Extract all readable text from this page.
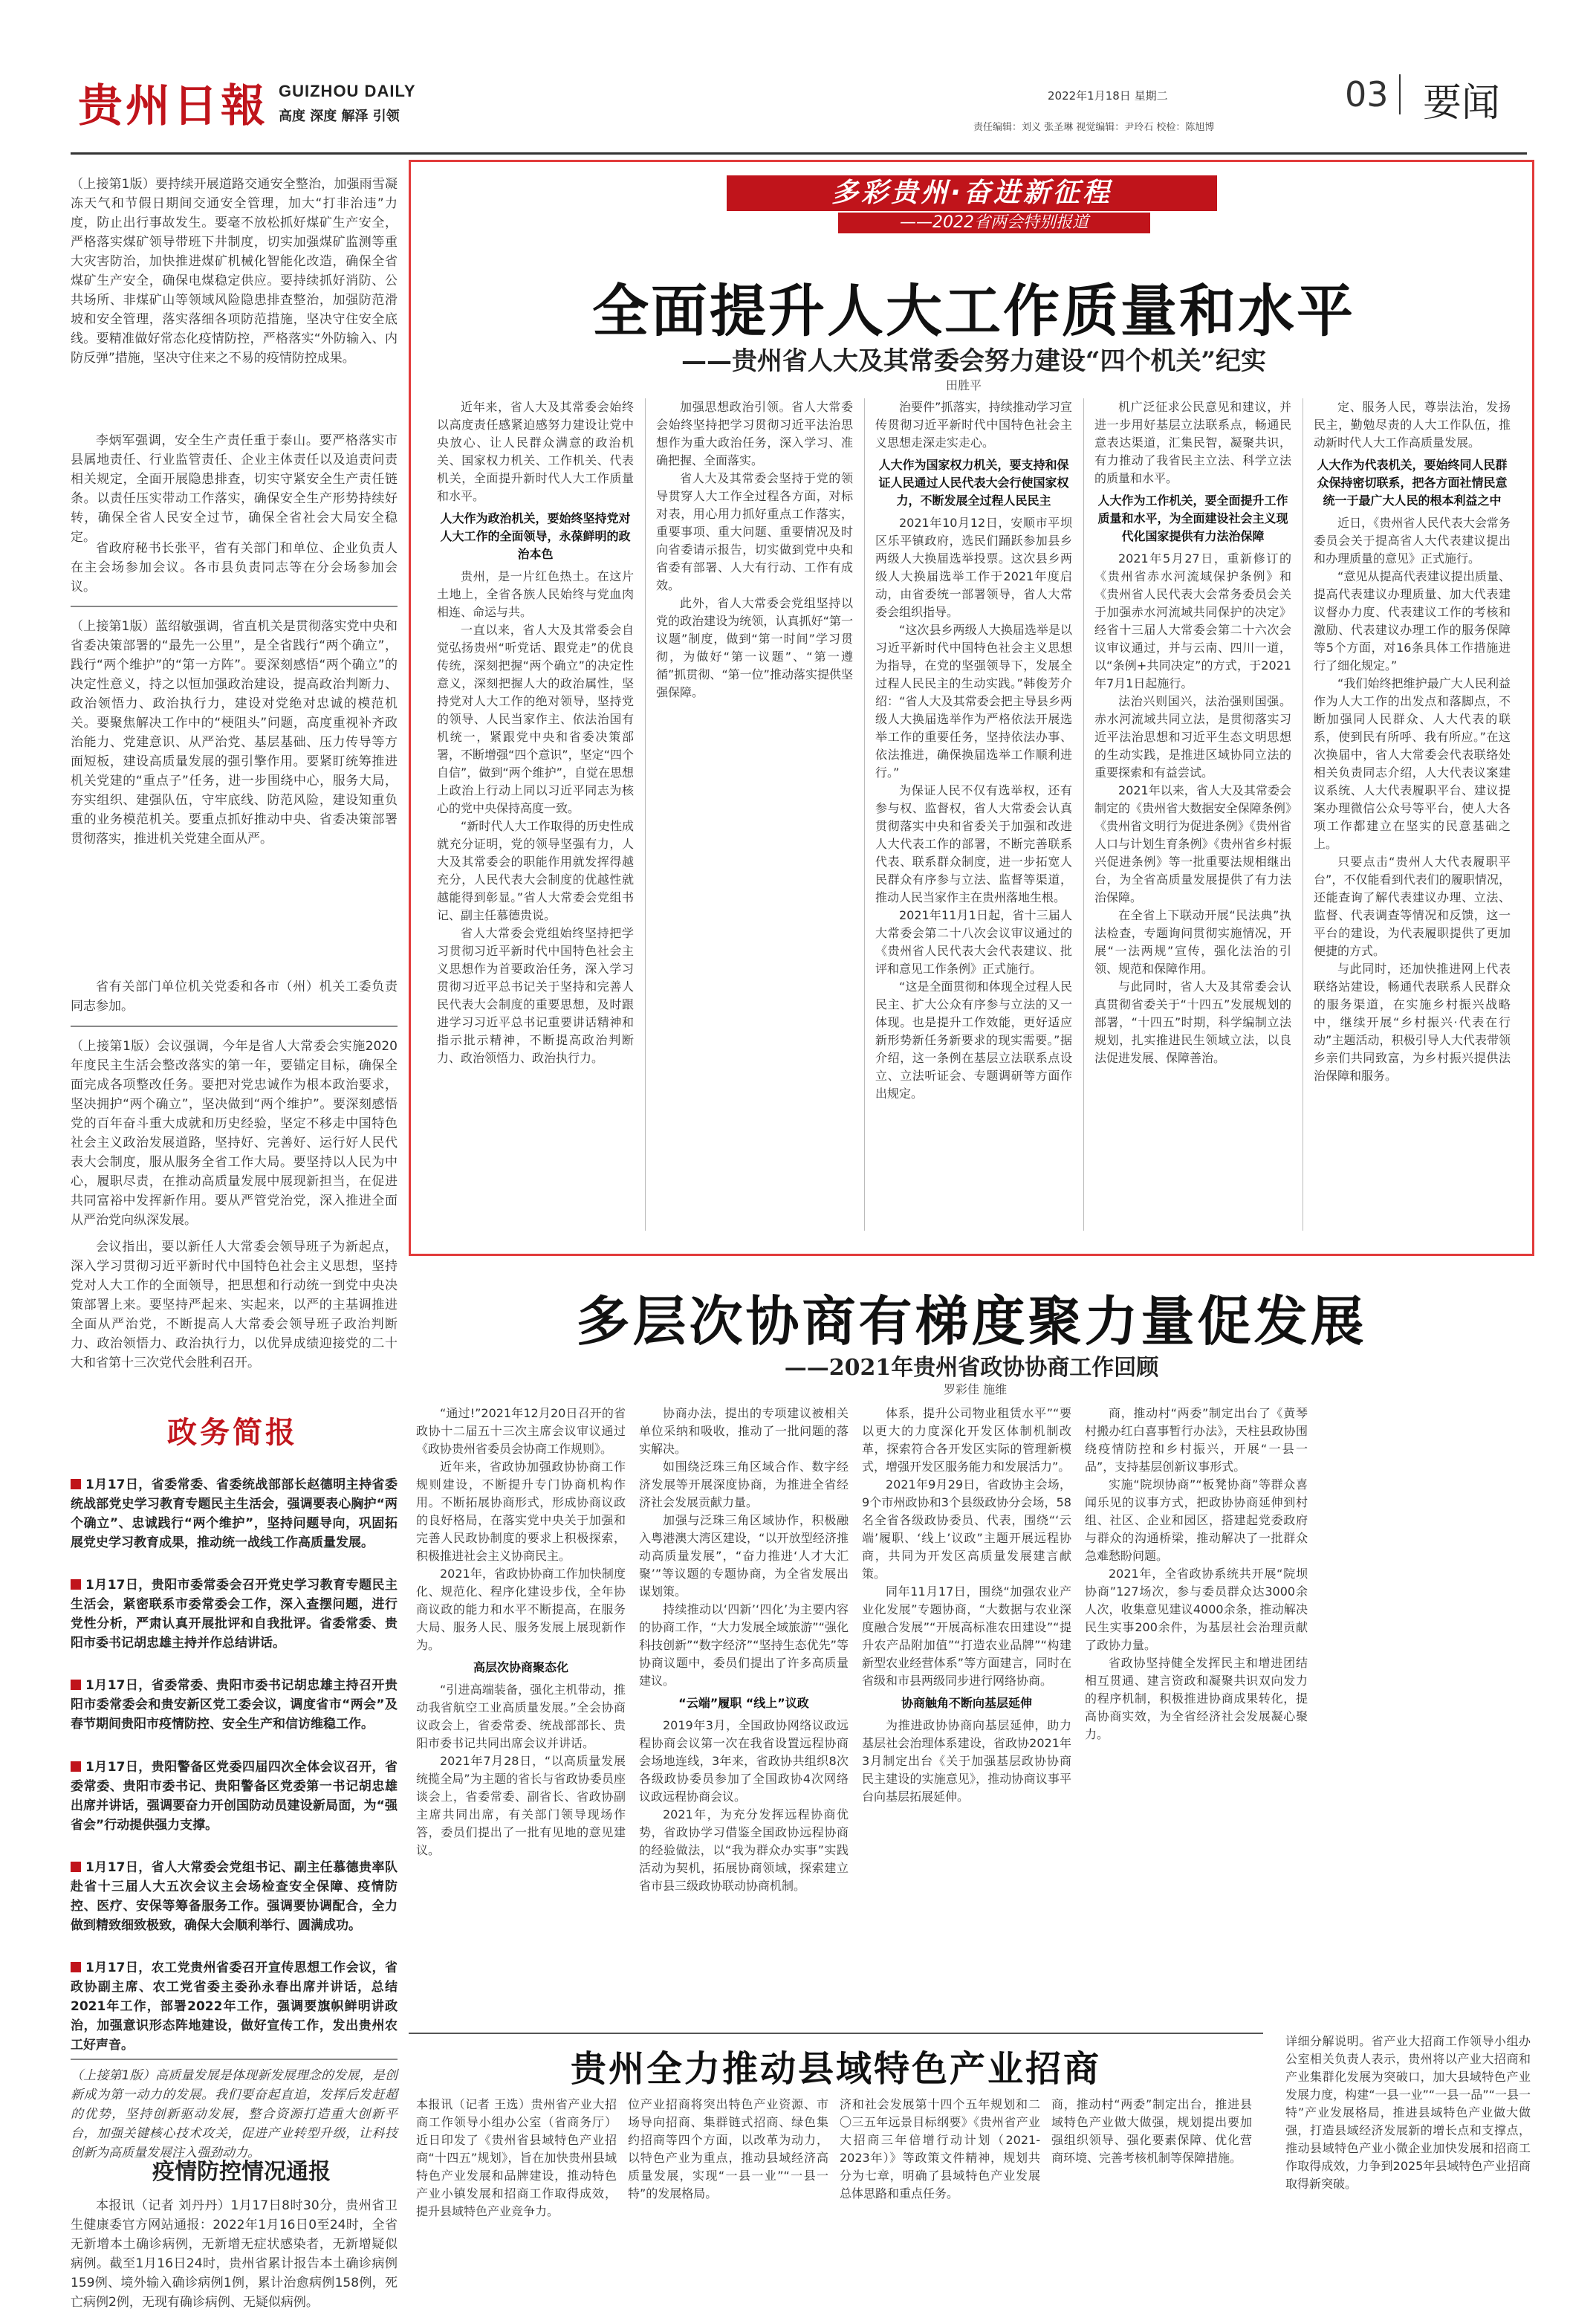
贵州日報 GUIZHOU DAILY
高度 深度 解泽 引领
2022年1月18日 星期二
责任编辑：刘义 张圣琳 视觉编辑：尹玲石 校检：陈旭博
03 要闻
（上接第1版）要持续开展道路交通安全整治，加强雨雪凝冻天气和节假日期间交通安全管理，加大“打非治违”力度，防止出行事故发生。要毫不放松抓好煤矿生产安全，严格落实煤矿领导带班下井制度，切实加强煤矿监测等重大灾害防治，加快推进煤矿机械化智能化改造，确保全省煤矿生产安全，确保电煤稳定供应。要持续抓好消防、公共场所、非煤矿山等领域风险隐患排查整治，加强防范滑坡和安全管理，落实落细各项防范措施，坚决守住安全底线。要精准做好常态化疫情防控，严格落实“外防输入、内防反弹”措施，坚决守住来之不易的疫情防控成果。
李炳军强调，安全生产责任重于泰山。要严格落实市县属地责任、行业监管责任、企业主体责任以及追责问责相关规定，全面开展隐患排查，切实守紧安全生产责任链条。以责任压实带动工作落实，确保安全生产形势持续好转，确保全省人民安全过节，确保全省社会大局安全稳定。
省政府秘书长张平，省有关部门和单位、企业负责人在主会场参加会议。各市县负责同志等在分会场参加会议。
（上接第1版）蓝绍敏强调，省直机关是贯彻落实党中央和省委决策部署的“最先一公里”，是全省践行“两个确立”，践行“两个维护”的“第一方阵”。要深刻感悟“两个确立”的决定性意义，持之以恒加强政治建设，提高政治判断力、政治领悟力、政治执行力，建设对党绝对忠诚的模范机关。要聚焦解决工作中的“梗阻头”问题，高度重视补齐政治能力、党建意识、从严治党、基层基础、压力传导等方面短板，建设高质量发展的强引擎作用。要紧盯统筹推进机关党建的“重点子”任务，进一步围绕中心，服务大局，夯实组织、建强队伍，守牢底线、防范风险，建设知重负重的业务模范机关。要重点抓好推动中央、省委决策部署贯彻落实，推进机关党建全面从严。
省有关部门单位机关党委和各市（州）机关工委负责同志参加。
（上接第1版）会议强调，今年是省人大常委会实施2020年度民主生活会整改落实的第一年，要锚定目标，确保全面完成各项整改任务。要把对党忠诚作为根本政治要求，坚决拥护“两个确立”，坚决做到“两个维护”。要深刻感悟党的百年奋斗重大成就和历史经验，坚定不移走中国特色社会主义政治发展道路，坚持好、完善好、运行好人民代表大会制度，服从服务全省工作大局。要坚持以人民为中心，履职尽责，在推动高质量发展中展现新担当，在促进共同富裕中发挥新作用。要从严管党治党，深入推进全面从严治党向纵深发展。
会议指出，要以新任人大常委会领导班子为新起点，深入学习贯彻习近平新时代中国特色社会主义思想，坚持党对人大工作的全面领导，把思想和行动统一到党中央决策部署上来。要坚持严起来、实起来，以严的主基调推进全面从严治党，不断提高人大常委会领导班子政治判断力、政治领悟力、政治执行力，以优异成绩迎接党的二十大和省第十三次党代会胜利召开。
政务简报
1月17日，省委常委、省委统战部部长赵德明主持省委统战部党史学习教育专题民主生活会，强调要表心胸护“两个确立”、忠诚践行“两个维护”，坚持问题导向，巩固拓展党史学习教育成果，推动统一战线工作高质量发展。
1月17日，贵阳市委常委会召开党史学习教育专题民主生活会，紧密联系市委常委会工作，深入查摆问题，进行党性分析，严肃认真开展批评和自我批评。省委常委、贵阳市委书记胡忠雄主持并作总结讲话。
1月17日，省委常委、贵阳市委书记胡忠雄主持召开贵阳市委常委会和贵安新区党工委会议，调度省市“两会”及春节期间贵阳市疫情防控、安全生产和信访维稳工作。
1月17日，贵阳警备区党委四届四次全体会议召开，省委常委、贵阳市委书记、贵阳警备区党委第一书记胡忠雄出席并讲话，强调要奋力开创国防动员建设新局面，为“强省会”行动提供强力支撑。
1月17日，省人大常委会党组书记、副主任慕德贵率队赴省十三届人大五次会议主会场检查安全保障、疫情防控、医疗、安保等筹备服务工作。强调要协调配合，全力做到精致细致极致，确保大会顺利举行、圆满成功。
1月17日，农工党贵州省委召开宣传思想工作会议，省政协副主席、农工党省委主委孙永春出席并讲话，总结2021年工作，部署2022年工作，强调要旗帜鲜明讲政治，加强意识形态阵地建设，做好宣传工作，发出贵州农工好声音。
（上接第1版）高质量发展是体现新发展理念的发展，是创新成为第一动力的发展。我们要奋起直追，发挥后发赶超的优势，坚持创新驱动发展，整合资源打造重大创新平台，加强关键核心技术攻关，促进产业转型升级，让科技创新为高质量发展注入强劲动力。
疫情防控情况通报
本报讯（记者 刘丹丹）1月17日8时30分，贵州省卫生健康委官方网站通报：2022年1月16日0至24时，全省无新增本土确诊病例，无新增无症状感染者，无新增疑似病例。截至1月16日24时，贵州省累计报告本土确诊病例159例、境外输入确诊病例1例，累计治愈病例158例，死亡病例2例，无现有确诊病例、无疑似病例。
多彩贵州·奋进新征程
——2022省两会特别报道
全面提升人大工作质量和水平
——贵州省人大及其常委会努力建设“四个机关”纪实
田胜平

近年来，省人大及其常委会始终以高度责任感紧迫感努力建设让党中央放心、让人民群众满意的政治机关、国家权力机关、工作机关、代表机关，全面提升新时代人大工作质量和水平。

人大作为政治机关，要始终坚持党对人大工作的全面领导，永葆鲜明的政治本色

贵州，是一片红色热土。在这片土地上，全省各族人民始终与党血肉相连、命运与共。

一直以来，省人大及其常委会自觉弘扬贵州“听党话、跟党走”的优良传统，深刻把握“两个确立”的决定性意义，深刻把握人大的政治属性，坚持党对人大工作的绝对领导，坚持党的领导、人民当家作主、依法治国有机统一，紧跟党中央和省委决策部署，不断增强“四个意识”，坚定“四个自信”，做到“两个维护”，自觉在思想上政治上行动上同以习近平同志为核心的党中央保持高度一致。

“新时代人大工作取得的历史性成就充分证明，党的领导坚强有力，人大及其常委会的职能作用就发挥得越充分，人民代表大会制度的优越性就越能得到彰显。”省人大常委会党组书记、副主任慕德贵说。

省人大常委会党组始终坚持把学习贯彻习近平新时代中国特色社会主义思想作为首要政治任务，深入学习贯彻习近平总书记关于坚持和完善人民代表大会制度的重要思想，及时跟进学习习近平总书记重要讲话精神和指示批示精神，不断提高政治判断力、政治领悟力、政治执行力。

加强思想政治引领。省人大常委会始终坚持把学习贯彻习近平法治思想作为重大政治任务，深入学习、准确把握、全面落实。

省人大及其常委会坚持于党的领导贯穿人大工作全过程各方面，对标对表，用心用力抓好重点工作落实，重要事项、重大问题、重要情况及时向省委请示报告，切实做到党中央和省委有部署、人大有行动、工作有成效。

此外，省人大常委会党组坚持以党的政治建设为统领，认真抓好“第一议题”制度，做到“第一时间”学习贯彻，为做好“第一议题”、“第一遵循”抓贯彻、“第一位”推动落实提供坚强保障。

治要件”抓落实，持续推动学习宣传贯彻习近平新时代中国特色社会主义思想走深走实走心。

人大作为国家权力机关，要支持和保证人民通过人民代表大会行使国家权力，不断发展全过程人民民主

2021年10月12日，安顺市平坝区乐平镇政府，选民们踊跃参加县乡两级人大换届选举投票。这次县乡两级人大换届选举工作于2021年度启动，由省委统一部署领导，省人大常委会组织指导。

“这次县乡两级人大换届选举是以习近平新时代中国特色社会主义思想为指导，在党的坚强领导下，发展全过程人民民主的生动实践。”韩俊芳介绍：“省人大及其常委会把主导县乡两级人大换届选举作为严格依法开展选举工作的重要任务，坚持依法办事、依法推进，确保换届选举工作顺利进行。”

为保证人民不仅有选举权，还有参与权、监督权，省人大常委会认真贯彻落实中央和省委关于加强和改进人大代表工作的部署，不断完善联系代表、联系群众制度，进一步拓宽人民群众有序参与立法、监督等渠道，推动人民当家作主在贵州落地生根。

2021年11月1日起，省十三届人大常委会第二十八次会议审议通过的《贵州省人民代表大会代表建议、批评和意见工作条例》正式施行。

“这是全面贯彻和体现全过程人民民主、扩大公众有序参与立法的又一体现。也是提升工作效能，更好适应新形势新任务新要求的现实需要。”据介绍，这一条例在基层立法联系点设立、立法听证会、专题调研等方面作出规定。

机广泛征求公民意见和建议，并进一步用好基层立法联系点，畅通民意表达渠道，汇集民智，凝聚共识，有力推动了我省民主立法、科学立法的质量和水平。

人大作为工作机关，要全面提升工作质量和水平，为全面建设社会主义现代化国家提供有力法治保障

2021年5月27日，重新修订的《贵州省赤水河流域保护条例》和《贵州省人民代表大会常务委员会关于加强赤水河流域共同保护的决定》经省十三届人大常委会第二十六次会议审议通过，并与云南、四川一道，以“条例+共同决定”的方式，于2021年7月1日起施行。

法治兴则国兴，法治强则国强。赤水河流域共同立法，是贯彻落实习近平法治思想和习近平生态文明思想的生动实践，是推进区域协同立法的重要探索和有益尝试。

2021年以来，省人大及其常委会制定的《贵州省大数据安全保障条例》《贵州省文明行为促进条例》《贵州省人口与计划生育条例》《贵州省乡村振兴促进条例》等一批重要法规相继出台，为全省高质量发展提供了有力法治保障。

在全省上下联动开展“民法典”执法检查，专题询问贯彻实施情况，开展“一法两规”宣传，强化法治的引领、规范和保障作用。

与此同时，省人大及其常委会认真贯彻省委关于“十四五”发展规划的部署，“十四五”时期，科学编制立法规划，扎实推进民生领域立法，以良法促进发展、保障善治。

定、服务人民，尊崇法治，发扬民主，勤勉尽责的人大工作队伍，推动新时代人大工作高质量发展。

人大作为代表机关，要始终同人民群众保持密切联系，把各方面社情民意统一于最广大人民的根本利益之中

近日，《贵州省人民代表大会常务委员会关于提高省人大代表建议提出和办理质量的意见》正式施行。

“意见从提高代表建议提出质量、提高代表建议办理质量、加大代表建议督办力度、代表建议工作的考核和激励、代表建议办理工作的服务保障等5个方面，对16条具体工作措施进行了细化规定。”

“我们始终把维护最广大人民利益作为人大工作的出发点和落脚点，不断加强同人民群众、人大代表的联系，使到民有所呼、我有所应。”在这次换届中，省人大常委会代表联络处相关负责同志介绍，人大代表议案建议系统、人大代表履职平台、建议提案办理微信公众号等平台，使人大各项工作都建立在坚实的民意基础之上。

只要点击“贵州人大代表履职平台”，不仅能看到代表们的履职情况，还能查询了解代表建议办理、立法、监督、代表调查等情况和反馈，这一平台的建设，为代表履职提供了更加便捷的方式。

与此同时，还加快推进网上代表联络站建设，畅通代表联系人民群众的服务渠道，在实施乡村振兴战略中，继续开展“乡村振兴·代表在行动”主题活动，积极引导人大代表带领乡亲们共同致富，为乡村振兴提供法治保障和服务。

多层次协商有梯度聚力量促发展
——2021年贵州省政协协商工作回顾
罗彩佳 施维

“通过!”2021年12月20日召开的省政协十二届五十三次主席会议审议通过《政协贵州省委员会协商工作规则》。

近年来，省政协加强政协协商工作规则建设，不断提升专门协商机构作用。不断拓展协商形式，形成协商议政的良好格局，在落实党中央关于加强和完善人民政协制度的要求上积极探索，积极推进社会主义协商民主。

2021年，省政协协商工作加快制度化、规范化、程序化建设步伐，全年协商议政的能力和水平不断提高，在服务大局、服务人民、服务发展上展现新作为。

高层次协商聚态化

“引进高端装备，强化主机带动，推动我省航空工业高质量发展。”全会协商议政会上，省委常委、统战部部长、贵阳市委书记共同出席会议并讲话。

2021年7月28日，“以高质量发展统揽全局”为主题的省长与省政协委员座谈会上，省委常委、副省长、省政协副主席共同出席，有关部门领导现场作答，委员们提出了一批有见地的意见建议。

协商办法，提出的专项建议被相关单位采纳和吸收，推动了一批问题的落实解决。

如围绕泛珠三角区域合作、数字经济发展等开展深度协商，为推进全省经济社会发展贡献力量。

加强与泛珠三角区域协作，积极融入粤港澳大湾区建设，“以开放型经济推动高质量发展”，“奋力推进‘人才大汇聚’”等议题的专题协商，为全省发展出谋划策。

持续推动以‘四新’‘四化’为主要内容的协商工作，“大力发展全域旅游”“强化科技创新”“数字经济”“坚持生态优先”等协商议题中，委员们提出了许多高质量建议。

“云端”履职 “线上”议政

2019年3月，全国政协网络议政远程协商会议第一次在我省设置远程协商会场地连线，3年来，省政协共组织8次各级政协委员参加了全国政协4次网络议政远程协商会议。

2021年，为充分发挥远程协商优势，省政协学习借鉴全国政协远程协商的经验做法，以“我为群众办实事”实践活动为契机，拓展协商领域，探索建立省市县三级政协联动协商机制。

体系，提升公司物业租赁水平”“要以更大的力度深化开发区体制机制改革，探索符合各开发区实际的管理新模式，增强开发区服务能力和发展活力”。

2021年9月29日，省政协主会场，9个市州政协和3个县级政协分会场，58名全省各级政协委员、代表，围绕“‘云端’履职、‘线上’议政”主题开展远程协商，共同为开发区高质量发展建言献策。

同年11月17日，围绕“加强农业产业化发展”专题协商，“大数据与农业深度融合发展”“开展高标准农田建设”“提升农产品附加值”“打造农业品牌”“构建新型农业经营体系”等方面建言，同时在省级和市县两级同步进行网络协商。

协商触角不断向基层延伸

为推进政协协商向基层延伸，助力基层社会治理体系建设，省政协2021年3月制定出台《关于加强基层政协协商民主建设的实施意见》，推动协商议事平台向基层拓展延伸。

商，推动村“两委”制定出台了《黄琴村搬办红白喜事暂行办法》，天柱县政协围绕疫情防控和乡村振兴，开展“一县一品”，支持基层创新议事形式。

实施“院坝协商”“板凳协商”等群众喜闻乐见的议事方式，把政协协商延伸到村组、社区、企业和园区，搭建起党委政府与群众的沟通桥梁，推动解决了一批群众急难愁盼问题。

2021年，全省政协系统共开展“院坝协商”127场次，参与委员群众达3000余人次，收集意见建议4000余条，推动解决民生实事200余件，为基层社会治理贡献了政协力量。

省政协坚持健全发挥民主和增进团结相互贯通、建言资政和凝聚共识双向发力的程序机制，积极推进协商成果转化，提高协商实效，为全省经济社会发展凝心聚力。

贵州全力推动县域特色产业招商
本报讯（记者 王选）贵州省产业大招商工作领导小组办公室（省商务厅）近日印发了《贵州省县域特色产业招商“十四五”规划》，旨在加快贵州县域特色产业发展和品牌建设，推动特色产业小镇发展和招商工作取得成效，提升县域特色产业竞争力。
位产业招商将突出特色产业资源、市场导向招商、集群链式招商、绿色集约招商等四个方面，以改革为动力，以特色产业为重点，推动县域经济高质量发展，实现“一县一业”“一县一特”的发展格局。
济和社会发展第十四个五年规划和二〇三五年远景目标纲要》《贵州省产业大招商三年倍增行动计划（2021-2023年）》等政策文件精神，规划共分为七章，明确了县域特色产业发展总体思路和重点任务。
商，推动村“两委”制定出台，推进县域特色产业做大做强，规划提出要加强组织领导、强化要素保障、优化营商环境、完善考核机制等保障措施。
详细分解说明。省产业大招商工作领导小组办公室相关负责人表示，贵州将以产业大招商和产业集群化发展为突破口，加大县域特色产业发展力度，构建“一县一业”“一县一品”“一县一特”产业发展格局，推进县域特色产业做大做强，打造县域经济发展新的增长点和支撑点，推动县域特色产业小微企业加快发展和招商工作取得成效，力争到2025年县域特色产业招商取得新突破。
